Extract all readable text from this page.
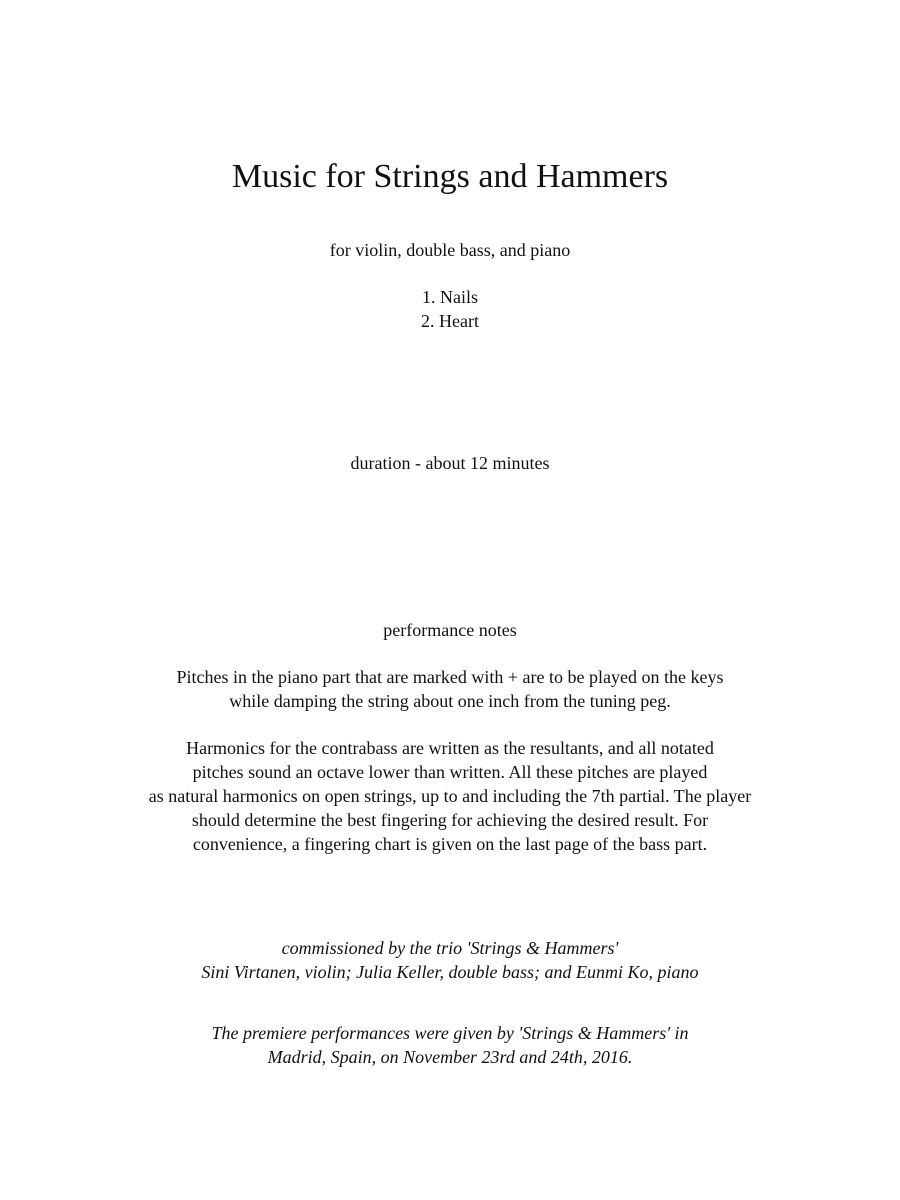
Music for Strings and Hammers
for violin, double bass, and piano
1. Nails
2. Heart
duration - about 12 minutes
performance notes
Pitches in the piano part that are marked with + are to be played on the keys
while damping the string about one inch from the tuning peg.
Harmonics for the contrabass are written as the resultants, and all notated
pitches sound an octave lower than written. All these pitches are played
as natural harmonics on open strings, up to and including the 7th partial. The player
should determine the best fingering for achieving the desired result. For
convenience, a fingering chart is given on the last page of the bass part.
commissioned by the trio 'Strings & Hammers'
Sini Virtanen, violin; Julia Keller, double bass; and Eunmi Ko, piano
The premiere performances were given by 'Strings & Hammers' in
Madrid, Spain, on November 23rd and 24th, 2016.
